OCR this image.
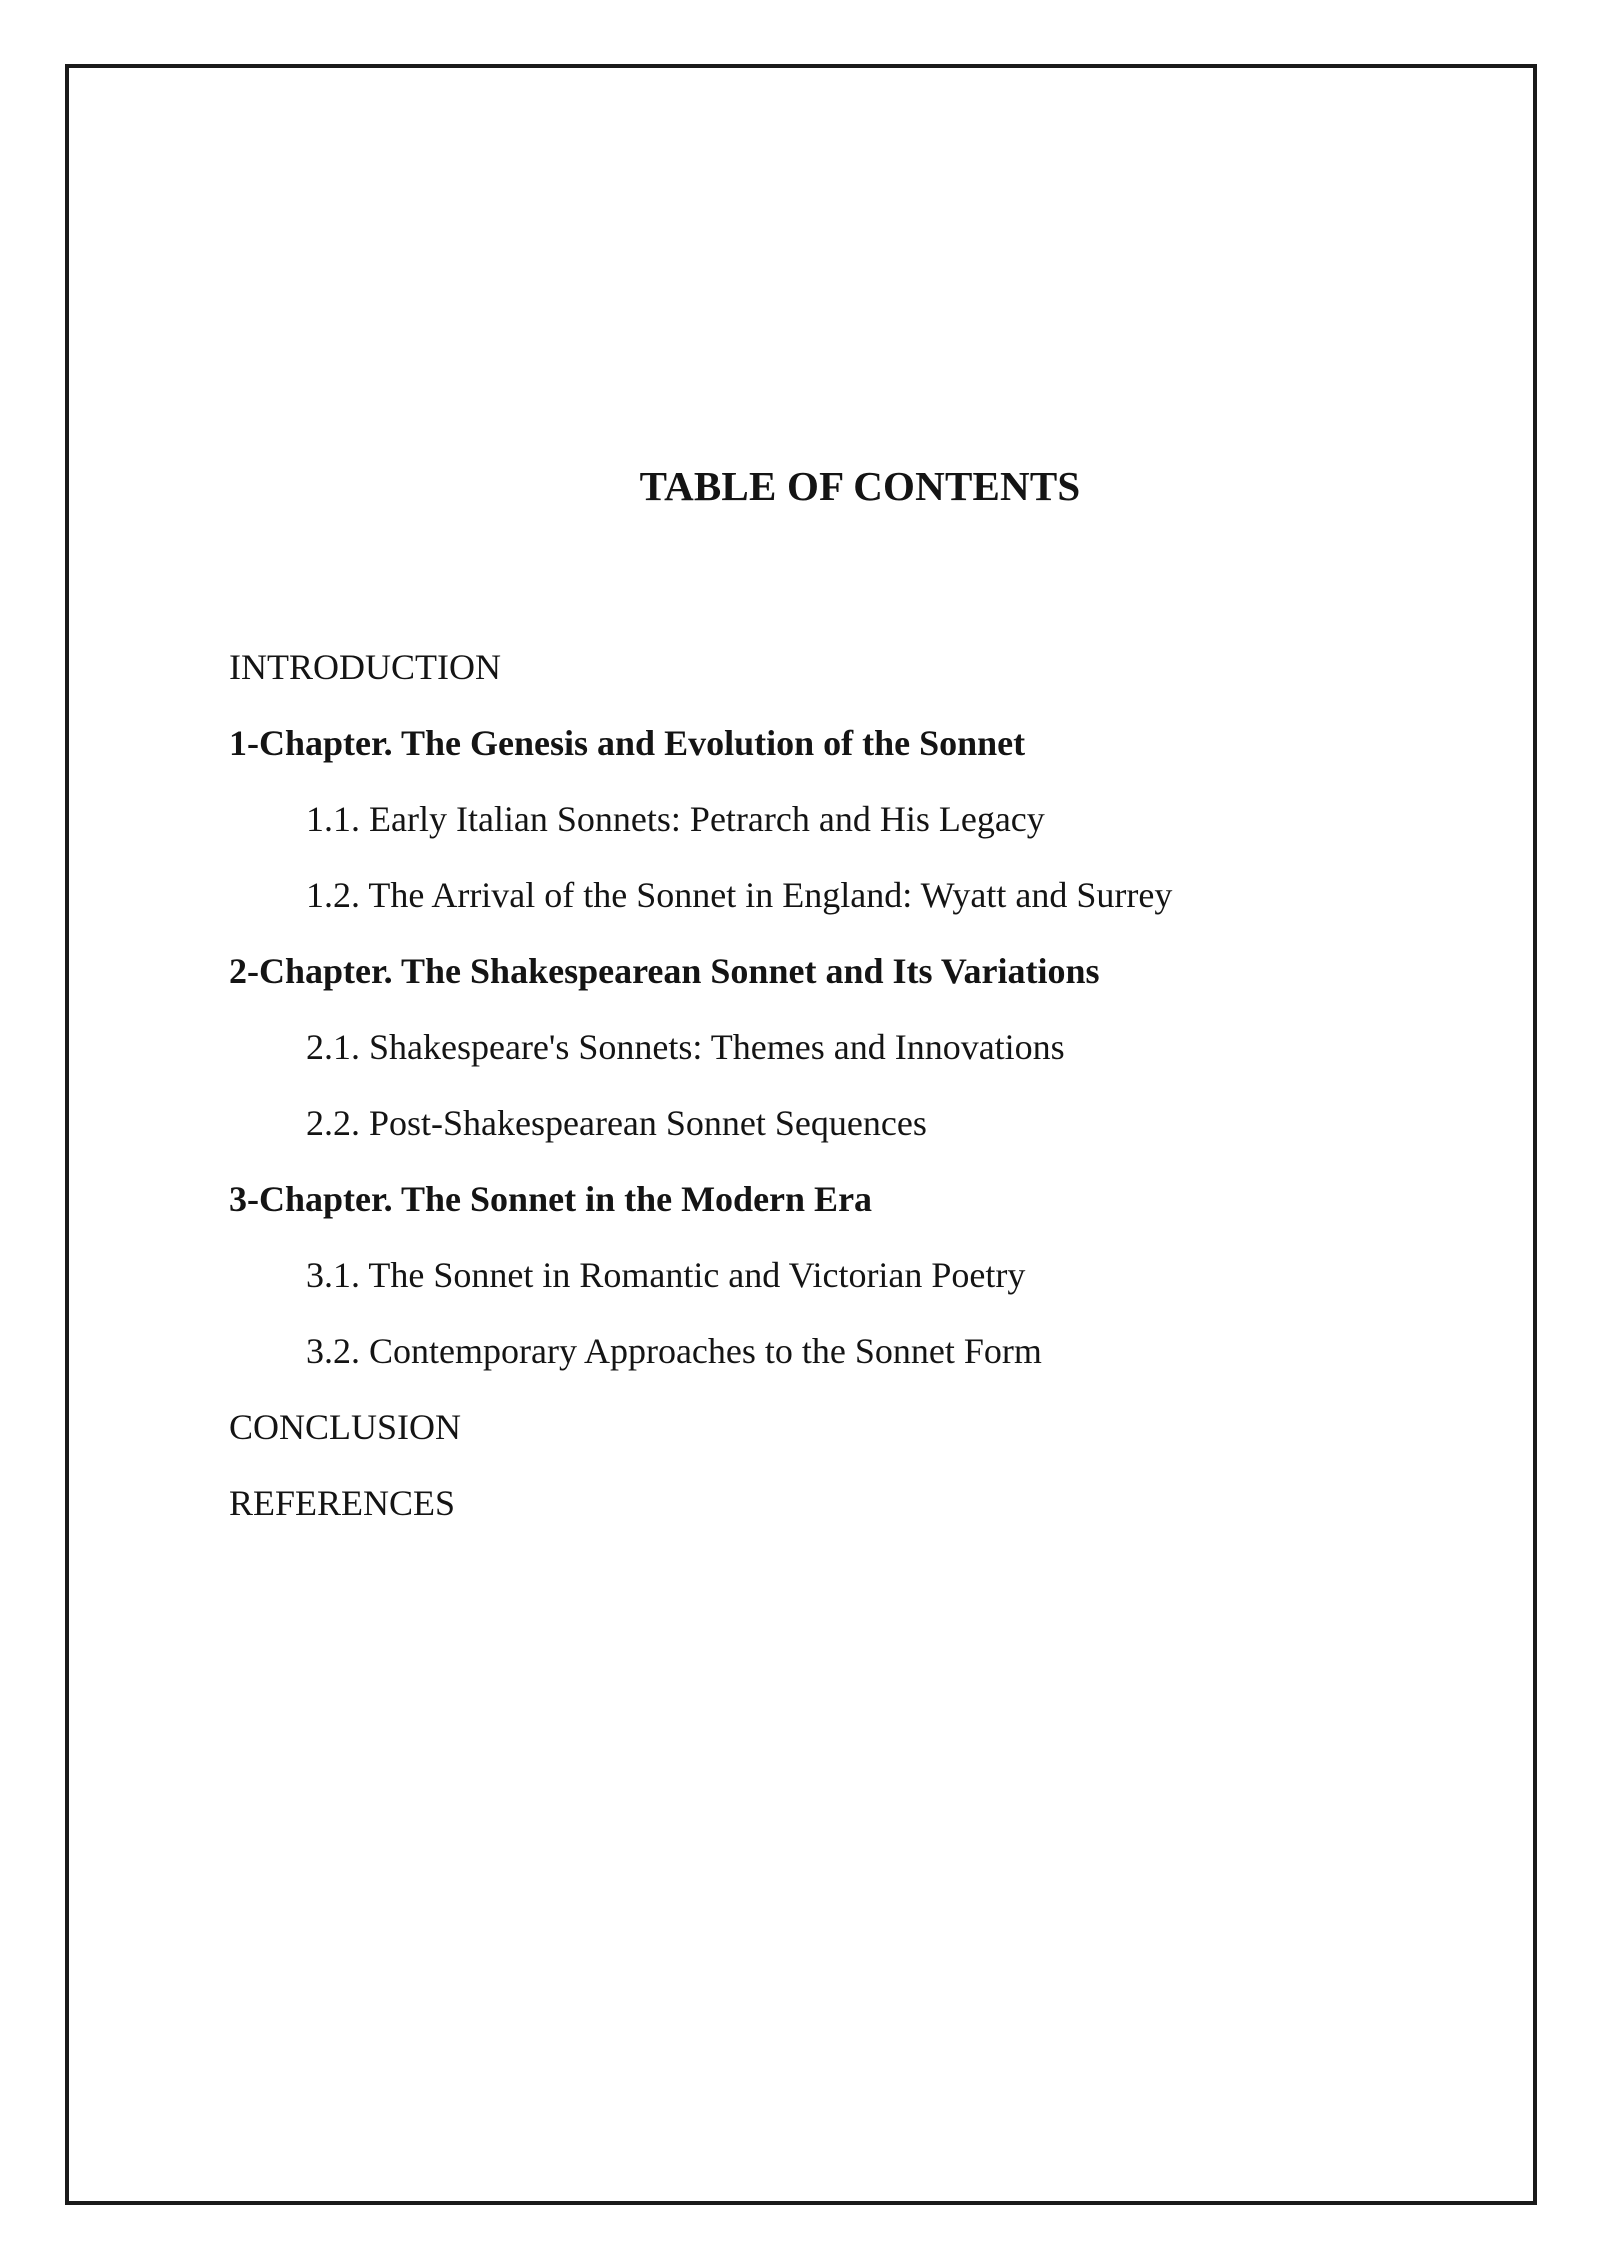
TABLE OF CONTENTS
INTRODUCTION
1-Chapter. The Genesis and Evolution of the Sonnet
1.1. Early Italian Sonnets: Petrarch and His Legacy
1.2. The Arrival of the Sonnet in England: Wyatt and Surrey
2-Chapter. The Shakespearean Sonnet and Its Variations
2.1. Shakespeare's Sonnets: Themes and Innovations
2.2. Post-Shakespearean Sonnet Sequences
3-Chapter. The Sonnet in the Modern Era
3.1. The Sonnet in Romantic and Victorian Poetry
3.2. Contemporary Approaches to the Sonnet Form
CONCLUSION
REFERENCES
